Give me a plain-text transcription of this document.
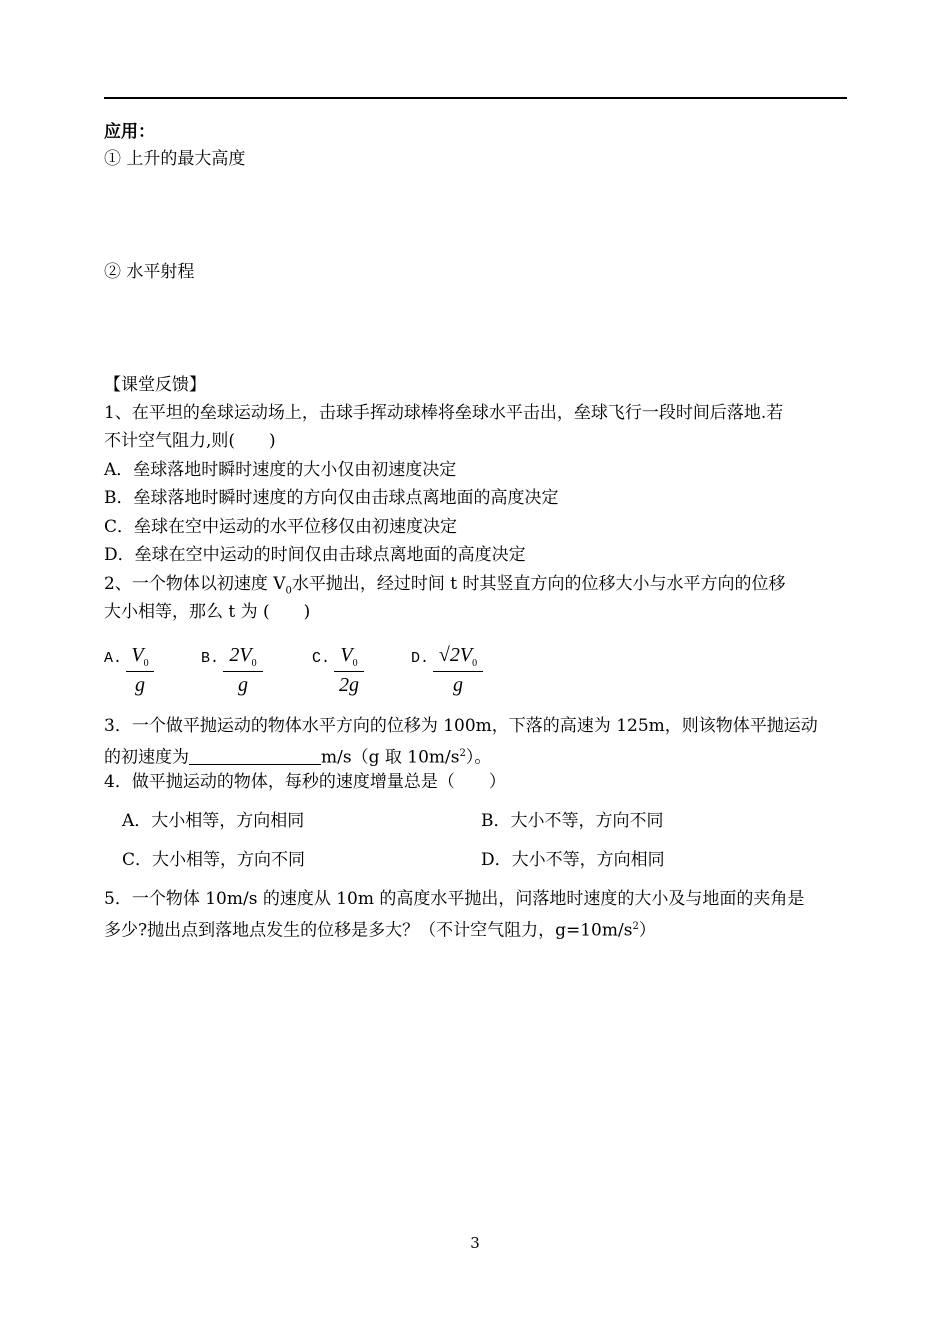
应用：
① 上升的最大高度
② 水平射程
【课堂反馈】
1、在平坦的垒球运动场上，击球手挥动球棒将垒球水平击出，垒球飞行一段时间后落地.若
不计空气阻力,则(　　)
A．垒球落地时瞬时速度的大小仅由初速度决定
B．垒球落地时瞬时速度的方向仅由击球点离地面的高度决定
C．垒球在空中运动的水平位移仅由初速度决定
D．垒球在空中运动的时间仅由击球点离地面的高度决定
2、一个物体以初速度 $V_0$水平抛出，经过时间 t 时其竖直方向的位移大小与水平方向的位移
大小相等，那么 t 为 (　　)
A. $V_0$
g
B. $2V_0$
g
C. $V_0$
2g
D. $√2V_0$
g
3．一个做平抛运动的物体水平方向的位移为 100m，下落的高速为 125m，则该物体平抛运动
的初速度为	m/s（g 取 $10m/s^2$）。
4．做平抛运动的物体，每秒的速度增量总是（　　）
A．大小相等，方向相同	B．大小不等，方向不同
C．大小相等，方向不同	D．大小不等，方向相同
5．一个物体 10m/s 的速度从 10m 的高度水平抛出，问落地时速度的大小及与地面的夹角是
多少?抛出点到落地点发生的位移是多大？（不计空气阻力，$g=10m/s^2$）
3
